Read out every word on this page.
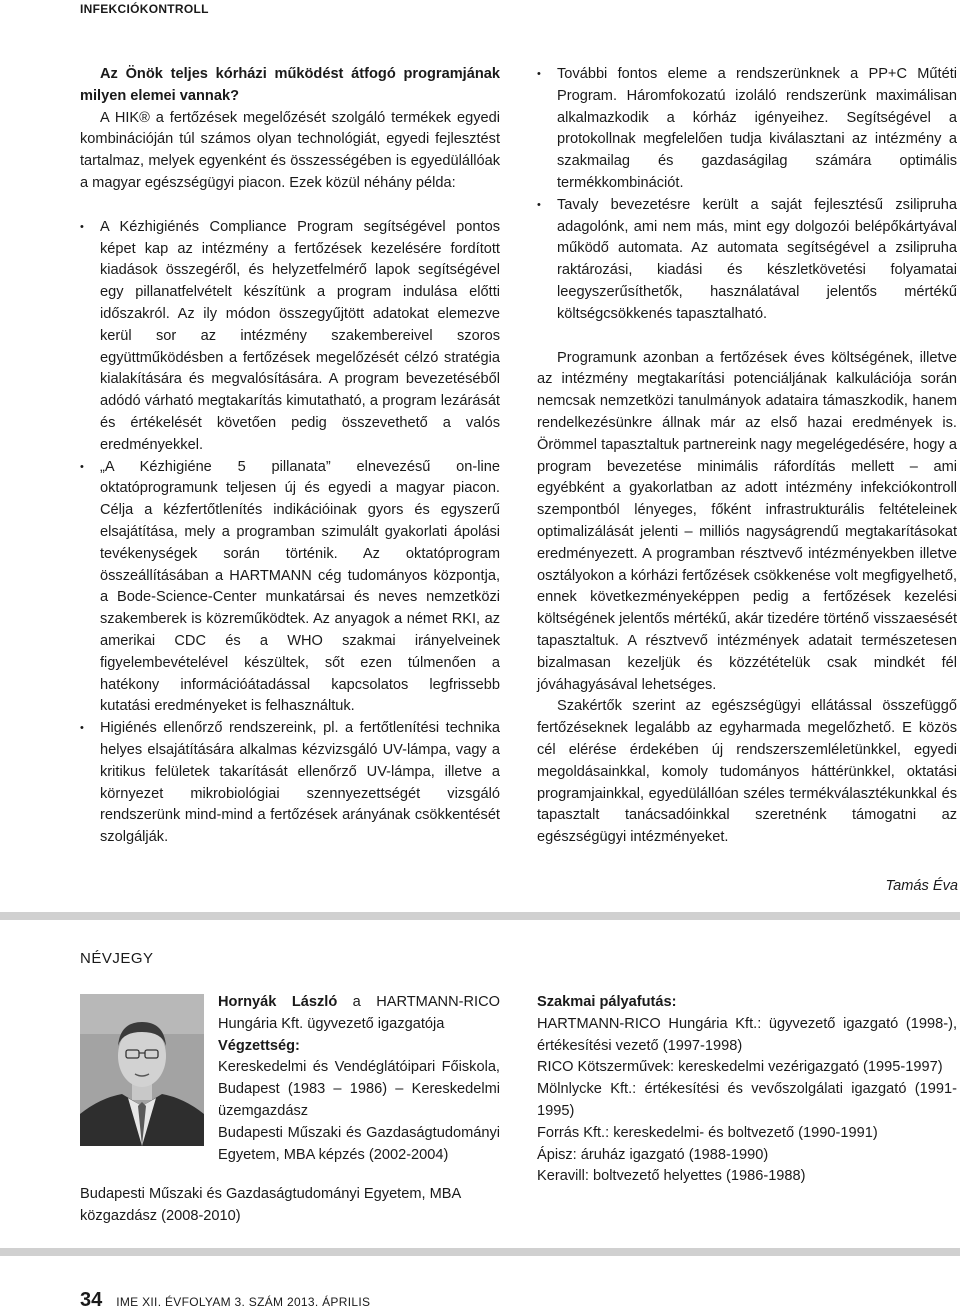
INFEKCIÓKONTROLL

Az Önök teljes kórházi működést átfogó programjának milyen elemei vannak?

A HIK® a fertőzések megelőzését szolgáló termékek egyedi kombinációján túl számos olyan technológiát, egyedi fejlesztést tartalmaz, melyek egyenként és összességében is egyedülállóak a magyar egészségügyi piacon. Ezek közül néhány példa:

• A Kézhigiénés Compliance Program segítségével pontos képet kap az intézmény a fertőzések kezelésére fordított kiadások összegéről, és helyzetfelmérő lapok segítségével egy pillanatfelvételt készítünk a program indulása előtti időszakról. Az ily módon összegyűjtött adatokat elemezve kerül sor az intézmény szakembereivel szoros együttműködésben a fertőzések megelőzését célzó stratégia kialakítására és megvalósítására. A program bevezetéséből adódó várható megtakarítás kimutatható, a program lezárását és értékelését követően pedig összevethető a valós eredményekkel.
• „A Kézhigiéne 5 pillanata” elnevezésű on-line oktatóprogramunk teljesen új és egyedi a magyar piacon. Célja a kézfertőtlenítés indikációinak gyors és egyszerű elsajátítása, mely a programban szimulált gyakorlati ápolási tevékenységek során történik. Az oktatóprogram összeállításában a HARTMANN cég tudományos központja, a Bode-Science-Center munkatársai és neves nemzetközi szakemberek is közreműködtek. Az anyagok a német RKI, az amerikai CDC és a WHO szakmai irányelveinek figyelembevételével készültek, sőt ezen túlmenően a hatékony információátadással kapcsolatos legfrissebb kutatási eredményeket is felhasználtuk.
• Higiénés ellenőrző rendszereink, pl. a fertőtlenítési technika helyes elsajátítására alkalmas kézvizsgáló UV-lámpa, vagy a kritikus felületek takarítását ellenőrző UV-lámpa, illetve a környezet mikrobiológiai szennyezettségét vizsgáló rendszerünk mind-mind a fertőzések arányának csökkentését szolgálják.
• További fontos eleme a rendszerünknek a PP+C Műtéti Program. Háromfokozatú izoláló rendszerünk maximálisan alkalmazkodik a kórház igényeihez. Segítségével a protokollnak megfelelően tudja kiválasztani az intézmény a szakmailag és gazdaságilag számára optimális termékkombinációt.
• Tavaly bevezetésre került a saját fejlesztésű zsilipruha adagolónk, ami nem más, mint egy dolgozói belépőkártyával működő automata. Az automata segítségével a zsilipruha raktározási, kiadási és készletkövetési folyamatai leegyszerűsíthetők, használatával jelentős mértékű költségcsökkenés tapasztalható.

Programunk azonban a fertőzések éves költségének, illetve az intézmény megtakarítási potenciáljának kalkulációja során nemcsak nemzetközi tanulmányok adataira támaszkodik, hanem rendelkezésünkre állnak már az első hazai eredmények is. Örömmel tapasztaltuk partnereink nagy megelégedésére, hogy a program bevezetése minimális ráfordítás mellett – ami egyébként a gyakorlatban az adott intézmény infekciókontroll szempontból lényeges, főként infrastrukturális feltételeinek optimalizálását jelenti – milliós nagyságrendű megtakarításokat eredményezett. A programban résztvevő intézményekben illetve osztályokon a kórházi fertőzések csökkenése volt megfigyelhető, ennek következményeképpen pedig a fertőzések kezelési költségének jelentős mértékű, akár tizedére történő visszaesését tapasztaltuk. A résztvevő intézmények adatait természetesen bizalmasan kezeljük és közzétételük csak mindkét fél jóváhagyásával lehetséges.

Szakértők szerint az egészségügyi ellátással összefüggő fertőzéseknek legalább az egyharmada megelőzhető. E közös cél elérése érdekében új rendszerszemléletünkkel, egyedi megoldásainkkal, komoly tudományos háttérünkkel, oktatási programjainkkal, egyedülállóan széles termékválasztékunkkal és tapasztalt tanácsadóinkkal szeretnénk támogatni az egészségügyi intézményeket.

Tamás Éva
NÉVJEGY

Hornyák László a HARTMANN-RICO Hungária Kft. ügyvezető igazgatója

Végzettség:

Kereskedelmi és Vendéglátóipari Főiskola, Budapest (1983 – 1986) – Kereskedelmi üzemgazdász

Budapesti Műszaki és Gazdaságtudományi Egyetem, MBA képzés (2002-2004)

Budapesti Műszaki és Gazdaságtudományi Egyetem, MBA közgazdász (2008-2010)

Szakmai pályafutás:

HARTMANN-RICO Hungária Kft.: ügyvezető igazgató (1998-), értékesítési vezető (1997-1998)

RICO Kötszerművek: kereskedelmi vezérigazgató (1995-1997)

Mölnlycke Kft.: értékesítési és vevőszolgálati igazgató (1991-1995)

Forrás Kft.: kereskedelmi- és boltvezető (1990-1991)

Ápisz: áruház igazgató (1988-1990)

Keravill: boltvezető helyettes (1986-1988)

34 IME XII. ÉVFOLYAM 3. SZÁM 2013. ÁPRILIS
